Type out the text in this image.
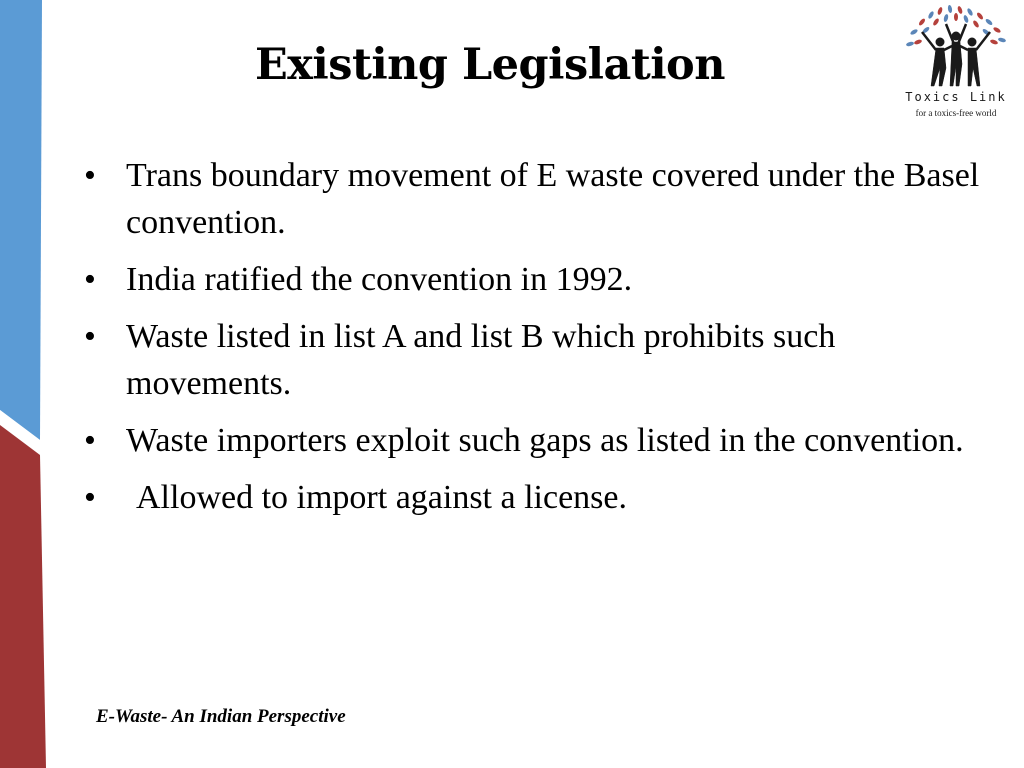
Existing Legislation
Toxics Link
for a toxics-free world
• Trans boundary movement of E waste covered under the Basel convention.
• India ratified the convention in 1992.
• Waste listed in list A and list B which prohibits such movements.
• Waste importers exploit such gaps as listed in the convention.
•	Allowed to import against a license.
E-Waste- An Indian Perspective
